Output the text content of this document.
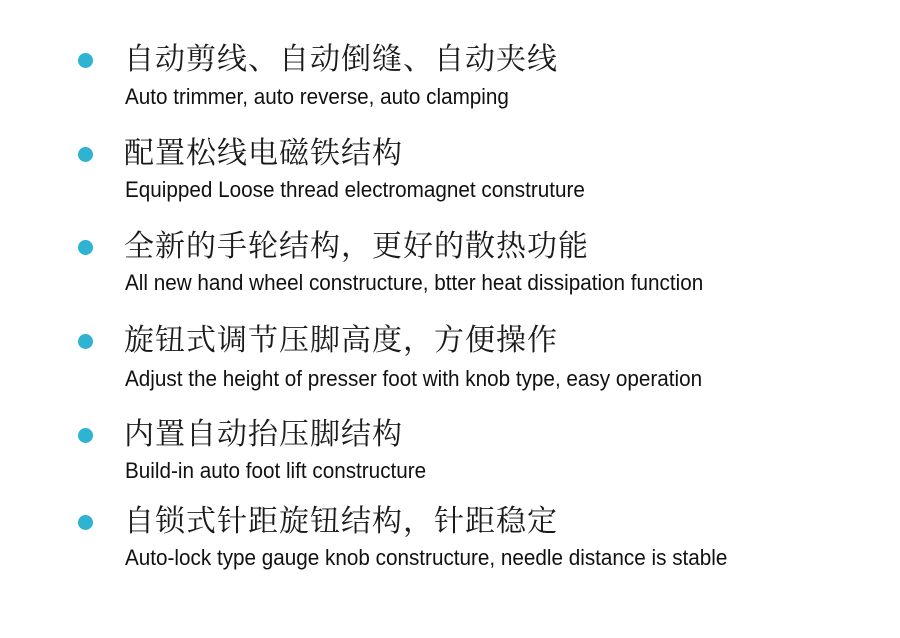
自动剪线、自动倒缝、自动夹线
Auto trimmer, auto reverse, auto clamping
配置松线电磁铁结构
Equipped Loose thread electromagnet construture
全新的手轮结构，更好的散热功能
All new hand wheel constructure, btter heat dissipation function
旋钮式调节压脚高度，方便操作
Adjust the height of presser foot with knob type, easy operation
内置自动抬压脚结构
Build-in auto foot lift constructure
自锁式针距旋钮结构，针距稳定
Auto-lock type gauge knob constructure, needle distance is stable
